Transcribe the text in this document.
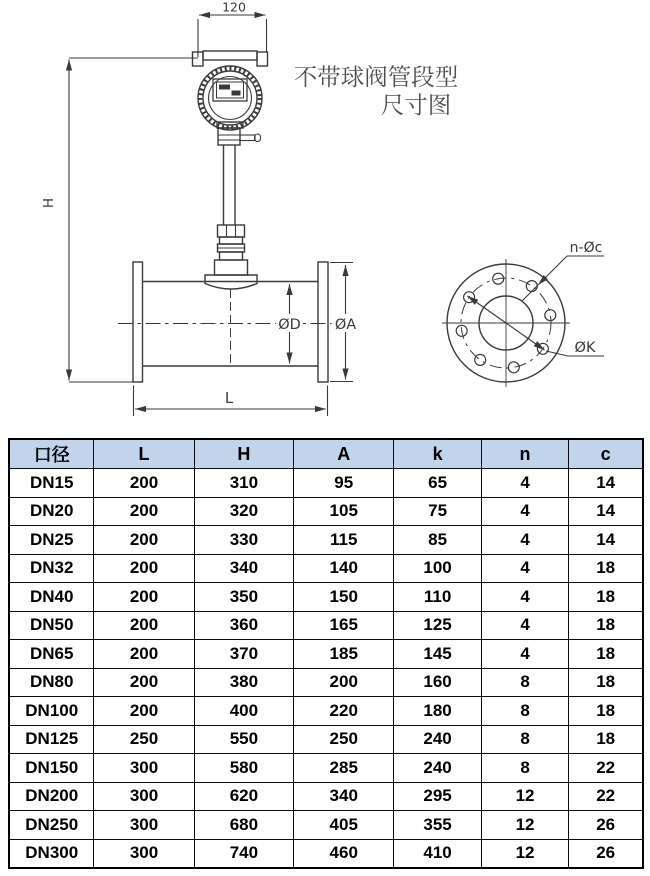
120
H
L
ØD ØA
n-Øc
ØK
不带球阀管段型
尺寸图
口径	L	H	A	k	n	c
DN15	200	310	95	65	4	14
DN20	200	320	105	75	4	14
DN25	200	330	115	85	4	14
DN32	200	340	140	100	4	18
DN40	200	350	150	110	4	18
DN50	200	360	165	125	4	18
DN65	200	370	185	145	4	18
DN80	200	380	200	160	8	18
DN100	200	400	220	180	8	18
DN125	250	550	250	240	8	18
DN150	300	580	285	240	8	22
DN200	300	620	340	295	12	22
DN250	300	680	405	355	12	26
DN300	300	740	460	410	12	26
